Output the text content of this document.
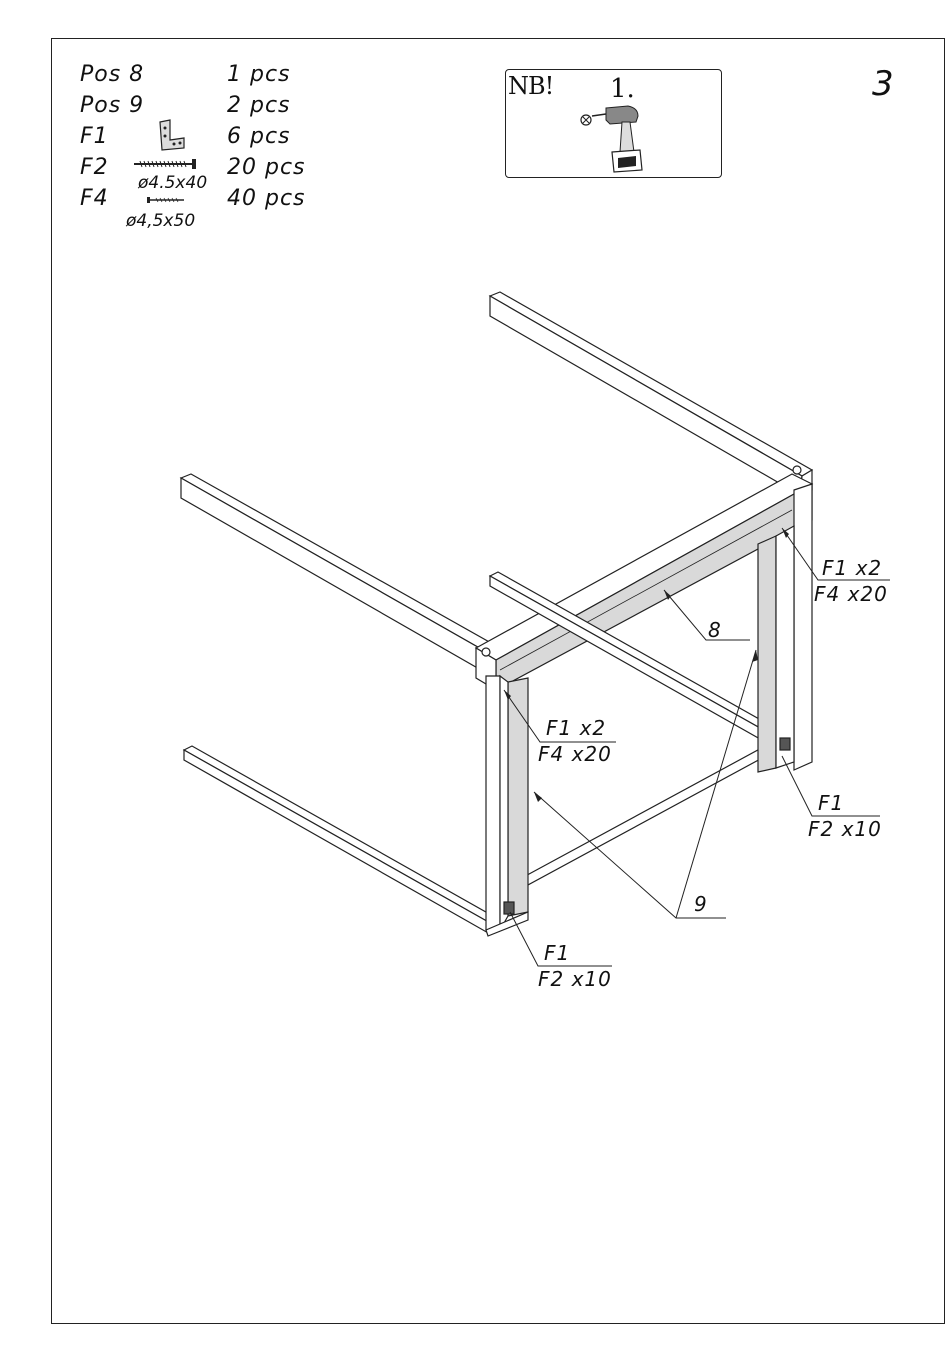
Pos 8	1 pcs
Pos 9	2 pcs
F1	6 pcs
F2	20 pcs
ø4.5x40
F4	40 pcs
ø4,5x50
NB! 1.	3
F1 x2
F4 x20
8
F1 x2
F4 x20
F1
F2 x10
9
F1
F2 x10
